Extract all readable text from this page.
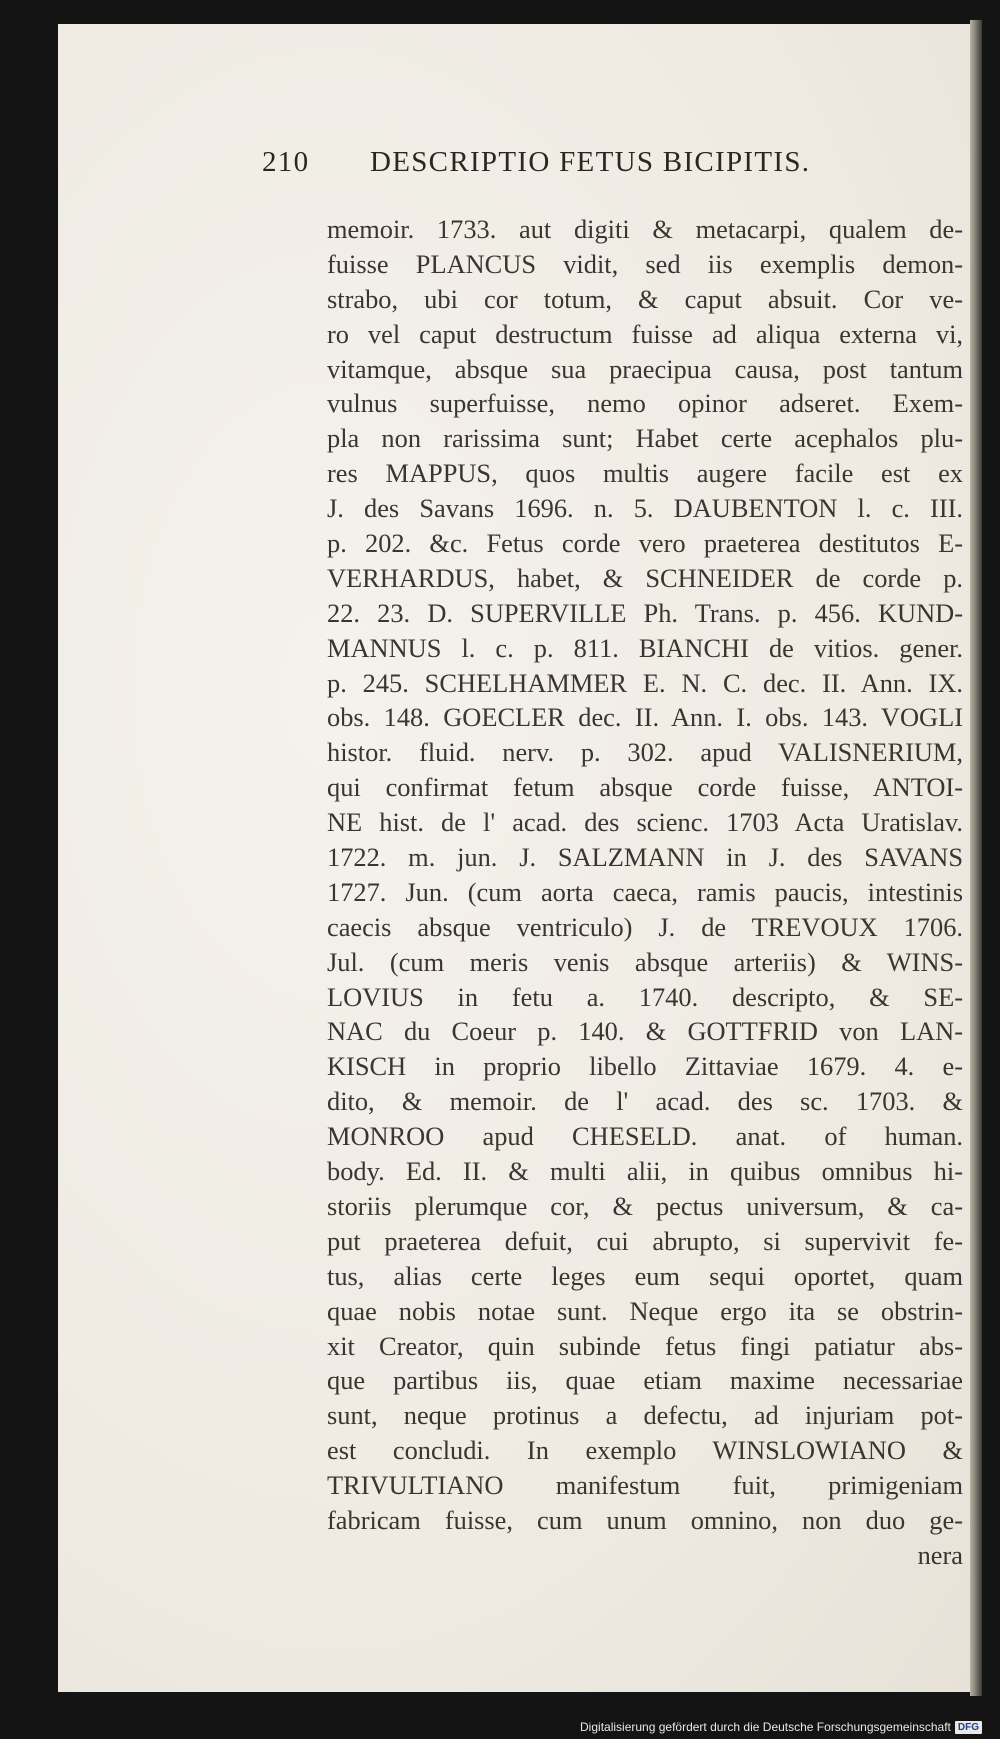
210 DESCRIPTIO FETUS BICIPITIS.
memoir. 1733. aut digiti & metacarpi, qualem de-
fuisse PLANCUS vidit, sed iis exemplis demon-
strabo, ubi cor totum, & caput absuit. Cor ve-
ro vel caput destructum fuisse ad aliqua externa vi,
vitamque, absque sua praecipua causa, post tantum
vulnus superfuisse, nemo opinor adseret. Exem-
pla non rarissima sunt; Habet certe acephalos plu-
res MAPPUS, quos multis augere facile est ex
J. des Savans 1696. n. 5. DAUBENTON l. c. III.
p. 202. &c. Fetus corde vero praeterea destitutos E-
VERHARDUS, habet, & SCHNEIDER de corde p.
22. 23. D. SUPERVILLE Ph. Trans. p. 456. KUND-
MANNUS l. c. p. 811. BIANCHI de vitios. gener.
p. 245. SCHELHAMMER E. N. C. dec. II. Ann. IX.
obs. 148. GOECLER dec. II. Ann. I. obs. 143. VOGLI
histor. fluid. nerv. p. 302. apud VALISNERIUM,
qui confirmat fetum absque corde fuisse, ANTOI-
NE hist. de l' acad. des scienc. 1703 Acta Uratislav.
1722. m. jun. J. SALZMANN in J. des SAVANS
1727. Jun. (cum aorta caeca, ramis paucis, intestinis
caecis absque ventriculo) J. de TREVOUX 1706.
Jul. (cum meris venis absque arteriis) & WINS-
LOVIUS in fetu a. 1740. descripto, & SE-
NAC du Coeur p. 140. & GOTTFRID von LAN-
KISCH in proprio libello Zittaviae 1679. 4. e-
dito, & memoir. de l' acad. des sc. 1703. &
MONROO apud CHESELD. anat. of human.
body. Ed. II. & multi alii, in quibus omnibus hi-
storiis plerumque cor, & pectus universum, & ca-
put praeterea defuit, cui abrupto, si supervivit fe-
tus, alias certe leges eum sequi oportet, quam
quae nobis notae sunt. Neque ergo ita se obstrin-
xit Creator, quin subinde fetus fingi patiatur abs-
que partibus iis, quae etiam maxime necessariae
sunt, neque protinus a defectu, ad injuriam pot-
est concludi. In exemplo WINSLOWIANO &
TRIVULTIANO manifestum fuit, primigeniam
fabricam fuisse, cum unum omnino, non duo ge-
nera
Digitalisierung gefördert durch die Deutsche Forschungsgemeinschaft DFG
